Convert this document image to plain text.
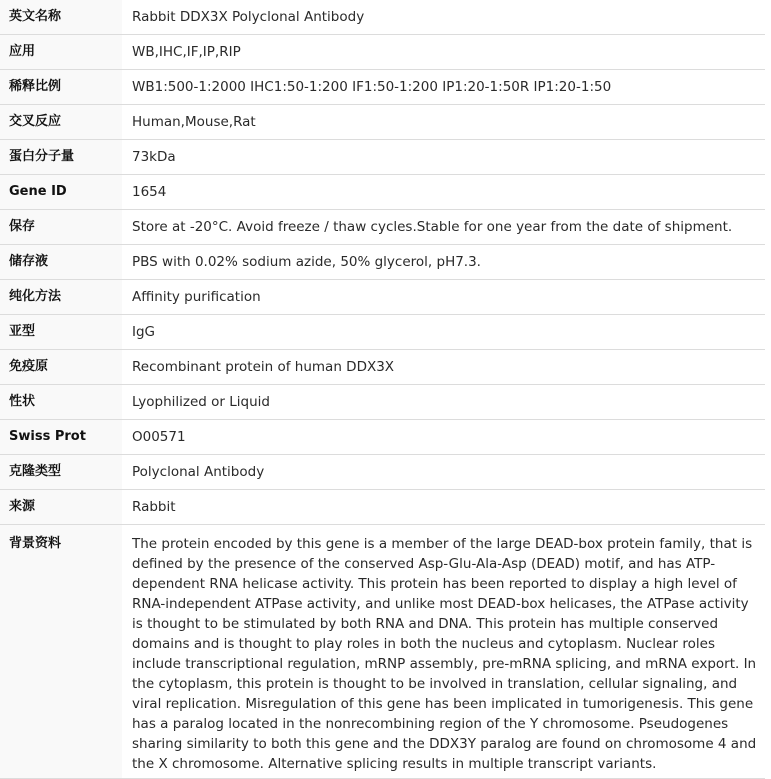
英文名称	Rabbit DDX3X Polyclonal Antibody
应用	WB,IHC,IF,IP,RIP
稀释比例	WB1:500-1:2000 IHC1:50-1:200 IF1:50-1:200 IP1:20-1:50R IP1:20-1:50
交叉反应	Human,Mouse,Rat
蛋白分子量	73kDa
Gene ID	1654
保存	Store at -20°C. Avoid freeze / thaw cycles.Stable for one year from the date of shipment.
储存液	PBS with 0.02% sodium azide, 50% glycerol, pH7.3.
纯化方法	Affinity purification
亚型	IgG
免疫原	Recombinant protein of human DDX3X
性状	Lyophilized or Liquid
Swiss Prot	O00571
克隆类型	Polyclonal Antibody
来源	Rabbit
背景资料	The protein encoded by this gene is a member of the large DEAD-box protein family, that is defined by the presence of the conserved Asp-Glu-Ala-Asp (DEAD) motif, and has ATP-dependent RNA helicase activity. This protein has been reported to display a high level of RNA-independent ATPase activity, and unlike most DEAD-box helicases, the ATPase activity is thought to be stimulated by both RNA and DNA. This protein has multiple conserved domains and is thought to play roles in both the nucleus and cytoplasm. Nuclear roles include transcriptional regulation, mRNP assembly, pre-mRNA splicing, and mRNA export. In the cytoplasm, this protein is thought to be involved in translation, cellular signaling, and viral replication. Misregulation of this gene has been implicated in tumorigenesis. This gene has a paralog located in the nonrecombining region of the Y chromosome. Pseudogenes sharing similarity to both this gene and the DDX3Y paralog are found on chromosome 4 and the X chromosome. Alternative splicing results in multiple transcript variants.
